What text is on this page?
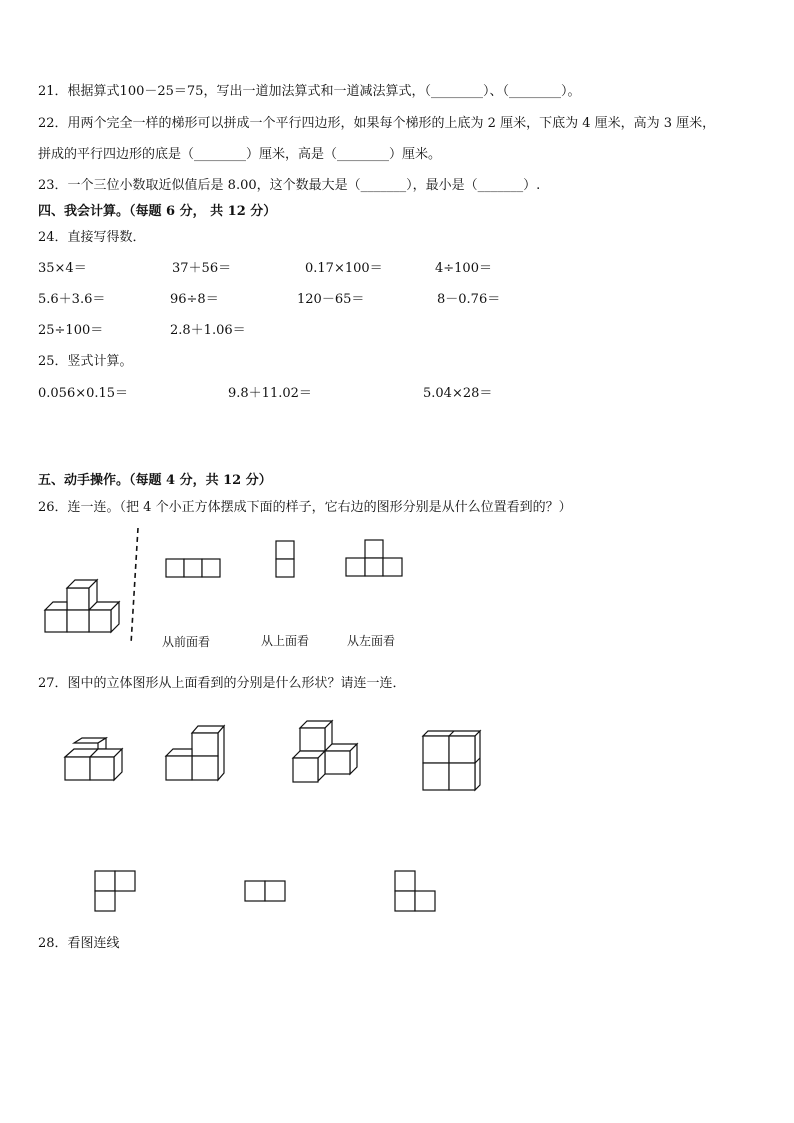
21．根据算式100－25＝75，写出一道加法算式和一道减法算式，（________）、（________）。
22．用两个完全一样的梯形可以拼成一个平行四边形，如果每个梯形的上底为 2 厘米，下底为 4 厘米，高为 3 厘米，
拼成的平行四边形的底是（________）厘米，高是（________）厘米。
23．一个三位小数取近似值后是 8.00，这个数最大是（_______），最小是（_______）.
四、我会计算。（每题 6 分， 共 12 分）
24．直接写得数．
35×4＝	37＋56＝	0.17×100＝	4÷100＝
5.6＋3.6＝	96÷8＝	120－65＝	8－0.76＝
25÷100＝	2.8＋1.06＝
25．竖式计算。
0.056×0.15＝	9.8＋11.02＝	5.04×28＝
五、动手操作。（每题 4 分，共 12 分）
26．连一连。（把 4 个小正方体摆成下面的样子，它右边的图形分别是从什么位置看到的？）
从前面看	从上面看	从左面看
27．图中的立体图形从上面看到的分别是什么形状？请连一连．
28．看图连线
